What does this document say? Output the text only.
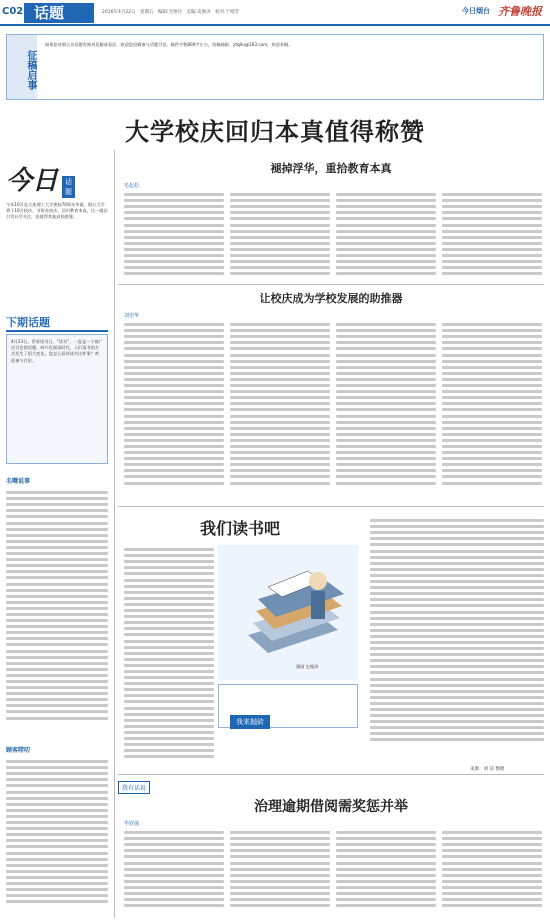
C02 话题	2016年4月22日　星期五　编辑:毛艳玲　美编:史俊涛　校对:于刚芳	今日烟台 齐鲁晚报
征稿启事
如果您对烟台各话题有独到见解或看法，欢迎您投稿参与话题讨论。稿件字数800字左右，投稿邮箱：ytqilu@163.com，欢迎来稿。
大学校庆回归本真值得称赞
今日 话题
今年10月是大连理工大学建校70周年华诞，烟台大学将于10月校庆，节俭办校庆，回归教育本真，这一做法引发社会关注，也值得其他高校借鉴。
下期话题
4月23日，世界读书日。“读书”，一直是一个被广泛讨论的话题。碎片化阅读时代，人们读书的方式发生了很大变化。您怎么看待读书这件事？欢迎参与讨论。
名嘴说事
顾客唠叨
褪掉浮华，重拾教育本真
毛起松
让校庆成为学校发展的助推器
刘望华
我们读书吧
漫画 史俊涛
我来抛砖
来源：刘 洁 整理
我有话说
治理逾期借阅需奖惩并举
毕欣强
